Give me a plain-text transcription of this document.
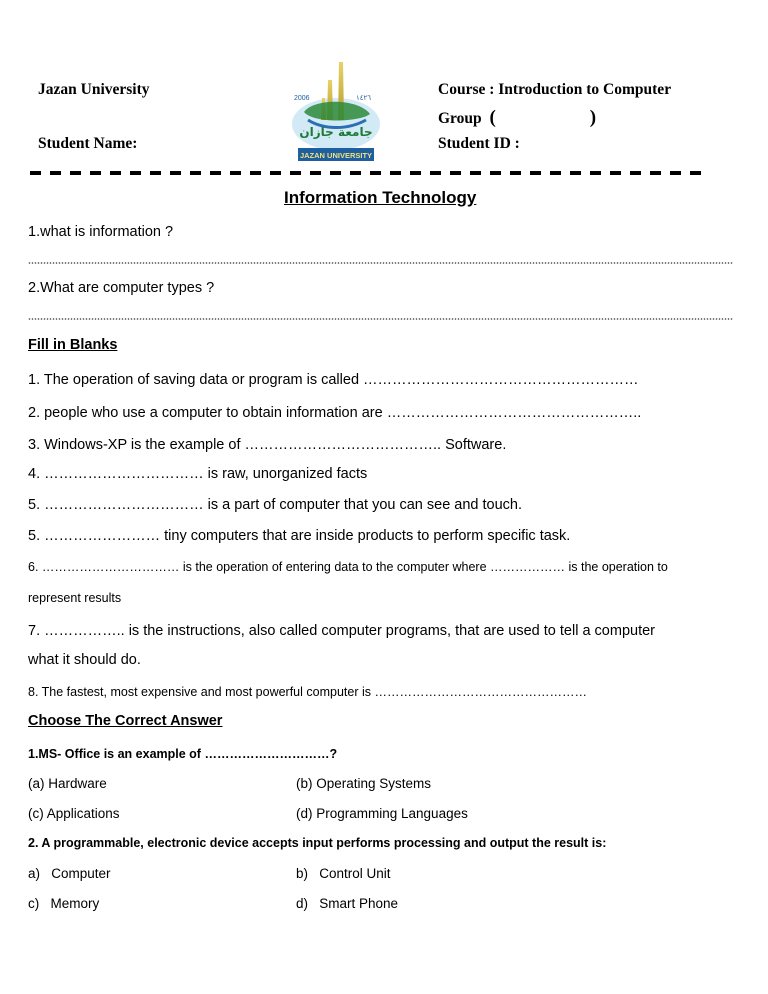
Jazan University
Student Name:
Course : Introduction to Computer
Group (	)
Student ID :
2006	١٤٢٦
جامعة جازان
JAZAN UNIVERSITY
Information Technology
1.what is information ?
2.What are computer types ?
Fill in Blanks
1. The operation of saving data or program is called …………………………………………………
2. people who use a computer to obtain information are ……………………………………………..
3. Windows-XP is the example of ………………………………….. Software.
4. …………………………… is raw, unorganized facts
5. …………………………… is a part of computer that you can see and touch.
5. …………………… tiny computers that are inside products to perform specific task.
6. …………………………… is the operation of entering data to the computer where ……………… is the operation to
represent results
7. …………….. is the instructions, also called computer programs, that are used to tell a computer
what it should do.
8. The fastest, most expensive and most powerful computer is ……………………………………………
Choose The Correct Answer
1.MS- Office is an example of …………………………?
(a) Hardware	(b) Operating Systems
(c) Applications	(d) Programming Languages
2. A programmable, electronic device accepts input performs processing and output the result is:
a)   Computer	b)   Control Unit
c)   Memory	d)   Smart Phone
